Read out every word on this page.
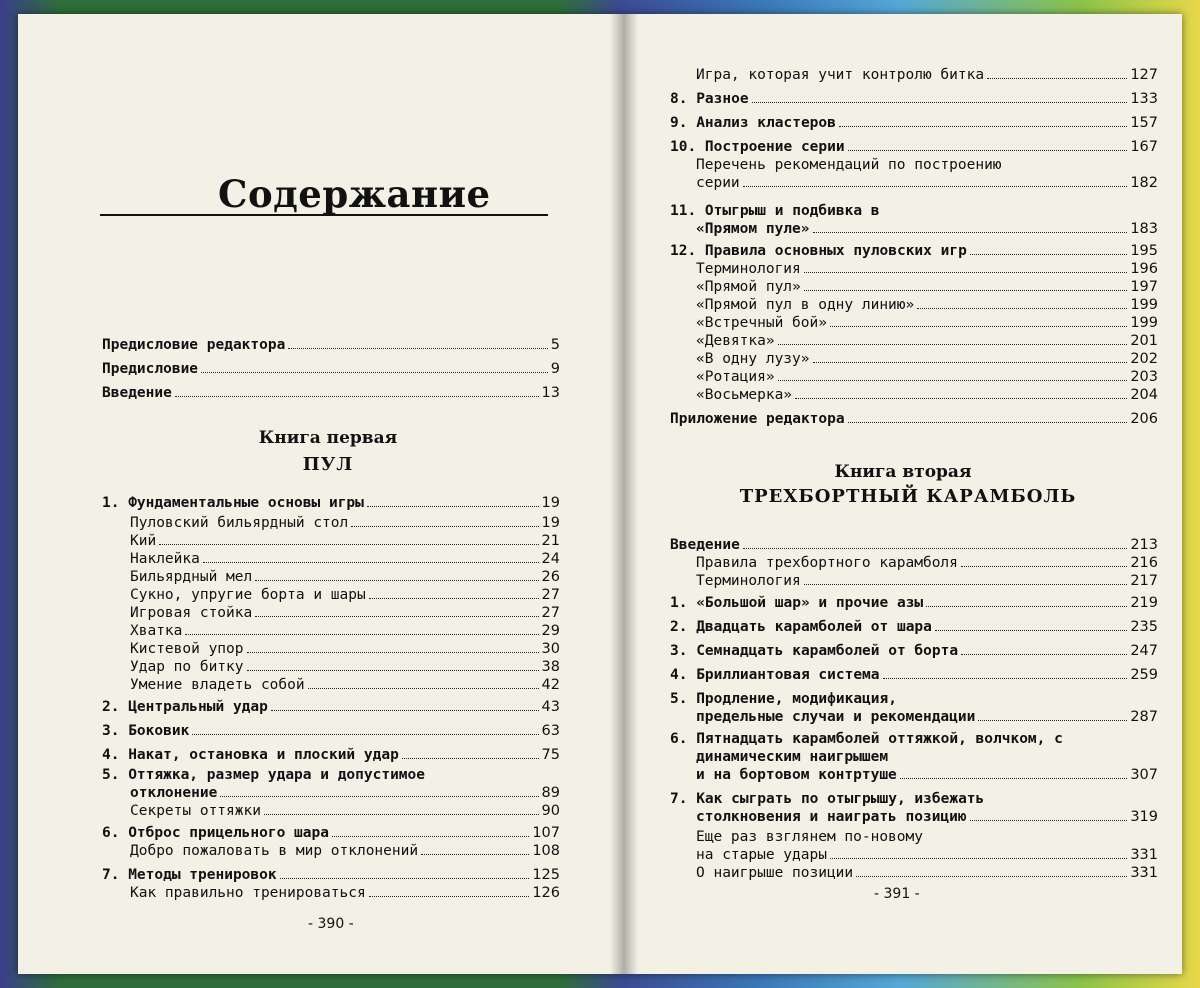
Содержание
Предисловие редактора	5
Предисловие	9
Введение	13
Книга первая
ПУЛ
1. Фундаментальные основы игры	19
Пуловский бильярдный стол	19
Кий	21
Наклейка	24
Бильярдный мел	26
Сукно, упругие борта и шары	27
Игровая стойка	27
Хватка	29
Кистевой упор	30
Удар по битку	38
Умение владеть собой	42
2. Центральный удар	43
3. Боковик	63
4. Накат, остановка и плоский удар	75
5. Оттяжка, размер удара и допустимое
отклонение	89
Секреты оттяжки	90
6. Отброс прицельного шара	107
Добро пожаловать в мир отклонений	108
7. Методы тренировок	125
Как правильно тренироваться	126
- 390 -
Игра, которая учит контролю битка	127
8. Разное	133
9. Анализ кластеров	157
10. Построение серии	167
Перечень рекомендаций по построению
серии	182
11. Отыгрыш и подбивка в
«Прямом пуле»	183
12. Правила основных пуловских игр	195
Терминология	196
«Прямой пул»	197
«Прямой пул в одну линию»	199
«Встречный бой»	199
«Девятка»	201
«В одну лузу»	202
«Ротация»	203
«Восьмерка»	204
Приложение редактора	206
Книга вторая
ТРЕХБОРТНЫЙ КАРАМБОЛЬ
Введение	213
Правила трехбортного карамболя	216
Терминология	217
1. «Большой шар» и прочие азы	219
2. Двадцать карамболей от шара	235
3. Семнадцать карамболей от борта	247
4. Бриллиантовая система	259
5. Продление, модификация,
предельные случаи и рекомендации	287
6. Пятнадцать карамболей оттяжкой, волчком, с
динамическим наигрышем
и на бортовом контртуше	307
7. Как сыграть по отыгрышу, избежать
столкновения и наиграть позицию	319
Еще раз взглянем по-новому
на старые удары	331
О наигрыше позиции	331
- 391 -
